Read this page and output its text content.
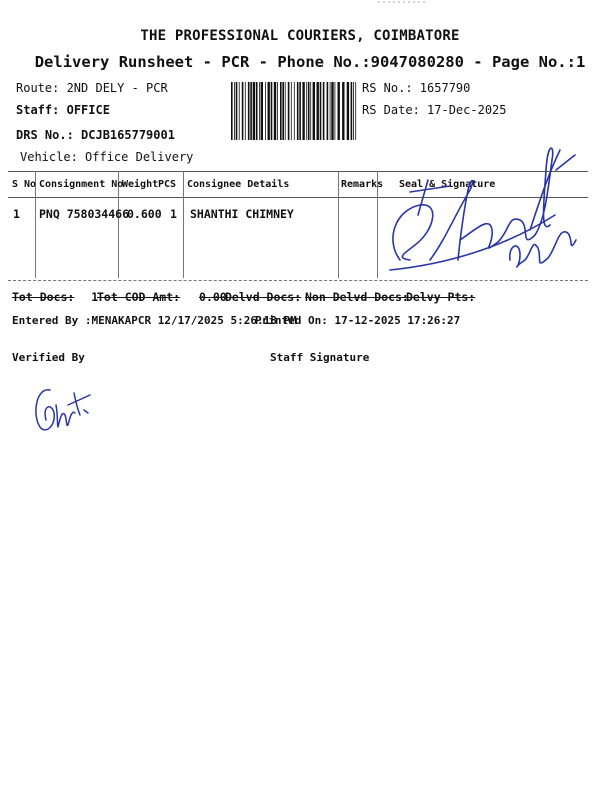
THE PROFESSIONAL COURIERS, COIMBATORE
Delivery Runsheet - PCR - Phone No.:9047080280 - Page No.:1
Route: 2ND DELY - PCR
Staff: OFFICE
DRS No.: DCJB165779001
Vehicle: Office Delivery
RS No.: 1657790
RS Date: 17-Dec-2025
S No Consignment No
Weight PCS Consignee Details	Remarks Seal & Signature
1 PNQ 758034466
0.600 1 SHANTHI CHIMNEY
Tot Docs: 1
Tot COD Amt: 0.00
Delvd Docs: Non Delvd Docs:
Delvy Pts:
Entered By :MENAKAPCR 12/17/2025 5:26:18 PM
Printed On: 17-12-2025 17:26:27
Verified By	Staff Signature
